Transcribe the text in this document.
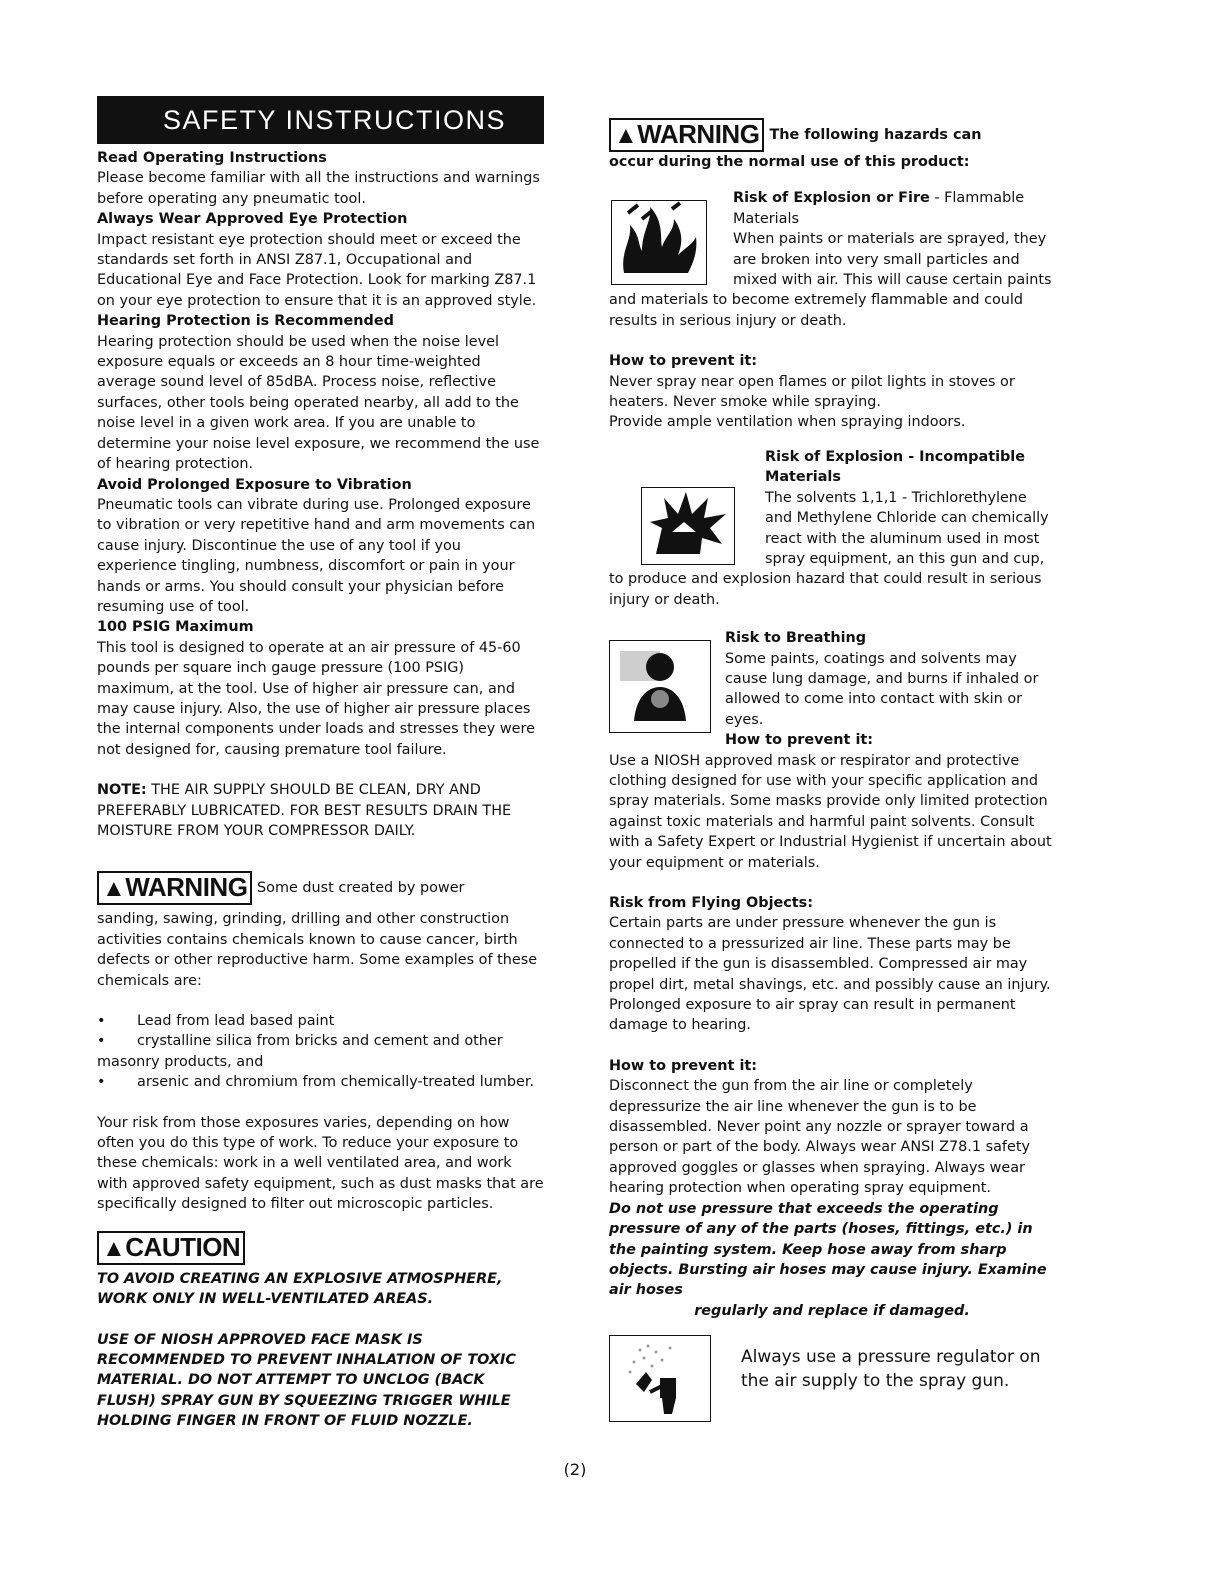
SAFETY INSTRUCTIONS

Read Operating Instructions

Please become familiar with all the instructions and warnings before operating any pneumatic tool.

Always Wear Approved Eye Protection

Impact resistant eye protection should meet or exceed the standards set forth in ANSI Z87.1, Occupational and Educational Eye and Face Protection. Look for marking Z87.1 on your eye protection to ensure that it is an approved style.

Hearing Protection is Recommended

Hearing protection should be used when the noise level exposure equals or exceeds an 8 hour time-weighted average sound level of 85dBA. Process noise, reflective surfaces, other tools being operated nearby, all add to the noise level in a given work area. If you are unable to determine your noise level exposure, we recommend the use of hearing protection.

Avoid Prolonged Exposure to Vibration

Pneumatic tools can vibrate during use. Prolonged exposure to vibration or very repetitive hand and arm movements can cause injury. Discontinue the use of any tool if you experience tingling, numbness, discomfort or pain in your hands or arms. You should consult your physician before resuming use of tool.

100 PSIG Maximum

This tool is designed to operate at an air pressure of 45-60 pounds per square inch gauge pressure (100 PSIG) maximum, at the tool. Use of higher air pressure can, and may cause injury. Also, the use of higher air pressure places the internal components under loads and stresses they were not designed for, causing premature tool failure.

NOTE: THE AIR SUPPLY SHOULD BE CLEAN, DRY AND PREFERABLY LUBRICATED. FOR BEST RESULTS DRAIN THE MOISTURE FROM YOUR COMPRESSOR DAILY.

▲WARNING Some dust created by power

sanding, sawing, grinding, drilling and other construction activities contains chemicals known to cause cancer, birth defects or other reproductive harm. Some examples of these chemicals are:

• Lead from lead based paint
• crystalline silica from bricks and cement and other masonry products, and
• arsenic and chromium from chemically-treated lumber.

Your risk from those exposures varies, depending on how often you do this type of work. To reduce your exposure to these chemicals: work in a well ventilated area, and work with approved safety equipment, such as dust masks that are specifically designed to filter out microscopic particles.

▲CAUTION

TO AVOID CREATING AN EXPLOSIVE ATMOSPHERE, WORK ONLY IN WELL-VENTILATED AREAS.

USE OF NIOSH APPROVED FACE MASK IS RECOMMENDED TO PREVENT INHALATION OF TOXIC MATERIAL. DO NOT ATTEMPT TO UNCLOG (BACK FLUSH) SPRAY GUN BY SQUEEZING TRIGGER WHILE HOLDING FINGER IN FRONT OF FLUID NOZZLE.

▲WARNING The following hazards can

occur during the normal use of this product:

Risk of Explosion or Fire - Flammable Materials

When paints or materials are sprayed, they are broken into very small particles and mixed with air. This will cause certain paints and materials to become extremely flammable and could results in serious injury or death.

How to prevent it:

Never spray near open flames or pilot lights in stoves or heaters. Never smoke while spraying.

Provide ample ventilation when spraying indoors.

Risk of Explosion - Incompatible Materials

The solvents 1,1,1 - Trichlorethylene and Methylene Chloride can chemically react with the aluminum used in most spray equipment, an this gun and cup, to produce and explosion hazard that could result in serious injury or death.

Risk to Breathing

Some paints, coatings and solvents may cause lung damage, and burns if inhaled or allowed to come into contact with skin or eyes.

How to prevent it:

Use a NIOSH approved mask or respirator and protective clothing designed for use with your specific application and spray materials. Some masks provide only limited protection against toxic materials and harmful paint solvents. Consult with a Safety Expert or Industrial Hygienist if uncertain about your equipment or materials.

Risk from Flying Objects:

Certain parts are under pressure whenever the gun is connected to a pressurized air line. These parts may be propelled if the gun is disassembled. Compressed air may propel dirt, metal shavings, etc. and possibly cause an injury. Prolonged exposure to air spray can result in permanent damage to hearing.

How to prevent it:

Disconnect the gun from the air line or completely depressurize the air line whenever the gun is to be disassembled. Never point any nozzle or sprayer toward a person or part of the body. Always wear ANSI Z78.1 safety approved goggles or glasses when spraying. Always wear hearing protection when operating spray equipment.

Do not use pressure that exceeds the operating pressure of any of the parts (hoses, fittings, etc.) in the painting system. Keep hose away from sharp objects. Bursting air hoses may cause injury. Examine air hoses

regularly and replace if damaged.

Always use a pressure regulator on the air supply to the spray gun.

(2)
